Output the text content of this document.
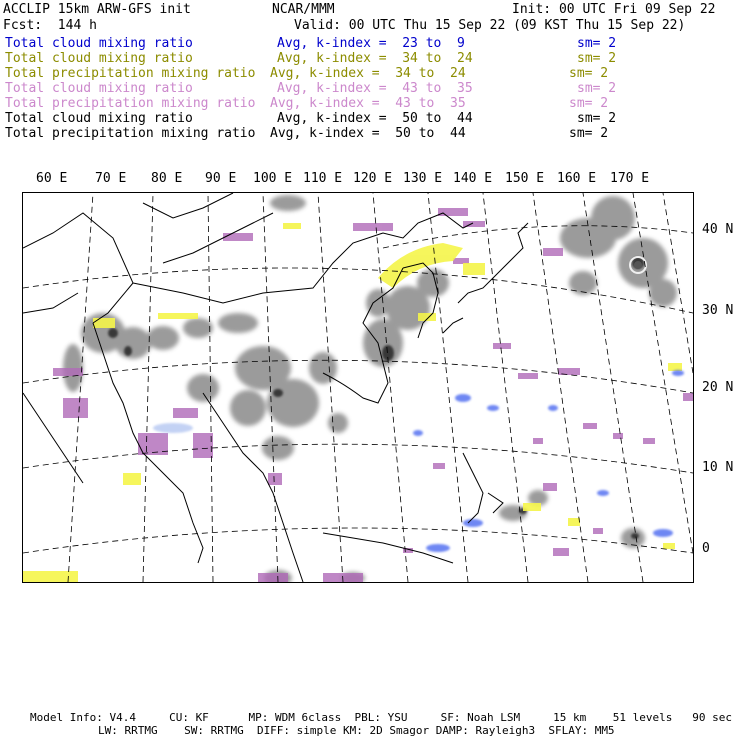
ACCLIP 15km ARW-GFS init	NCAR/MMM	Init: 00 UTC Fri 09 Sep 22
Fcst:  144 h	Valid: 00 UTC Thu 15 Sep 22 (09 KST Thu 15 Sep 22)
Total cloud mixing ratio	Avg, k-index =  23 to  9	sm= 2
Total cloud mixing ratio	Avg, k-index =  34 to  24	sm= 2
Total precipitation mixing ratio Avg, k-index =  34 to  24	sm= 2
Total cloud mixing ratio	Avg, k-index =  43 to  35	sm= 2
Total precipitation mixing ratio Avg, k-index =  43 to  35	sm= 2
Total cloud mixing ratio	Avg, k-index =  50 to  44	sm= 2
Total precipitation mixing ratio Avg, k-index =  50 to  44	sm= 2
60 E 70 E 80 E 90 E 100 E 110 E 120 E 130 E 140 E 150 E 160 E 170 E
40 N
30 N
20 N
10 N
0
Model Info: V4.4     CU: KF      MP: WDM 6class  PBL: YSU     SF: Noah LSM     15 km    51 levels   90 sec
LW: RRTMG    SW: RRTMG  DIFF: simple KM: 2D Smagor DAMP: Rayleigh3  SFLAY: MM5
